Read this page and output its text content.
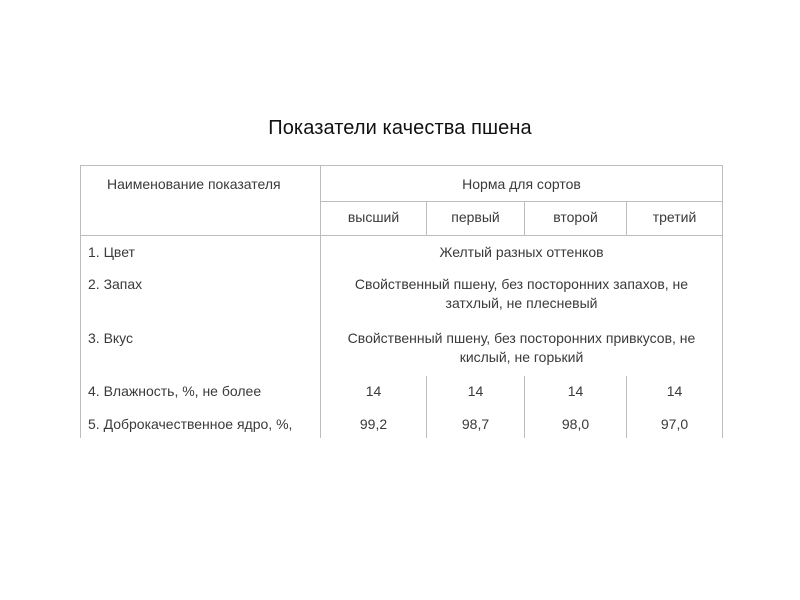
Показатели качества пшена
Наименование показателя	Норма для сортов
высший	первый	второй	третий
1. Цвет	Желтый разных оттенков
2. Запах	Свойственный пшену, без посторонних запахов, не
затхлый, не плесневый
3. Вкус	Свойственный пшену, без посторонних привкусов, не
кислый, не горький
4. Влажность, %, не более	14	14	14	14
5. Доброкачественное ядро, %,	99,2	98,7	98,0	97,0
